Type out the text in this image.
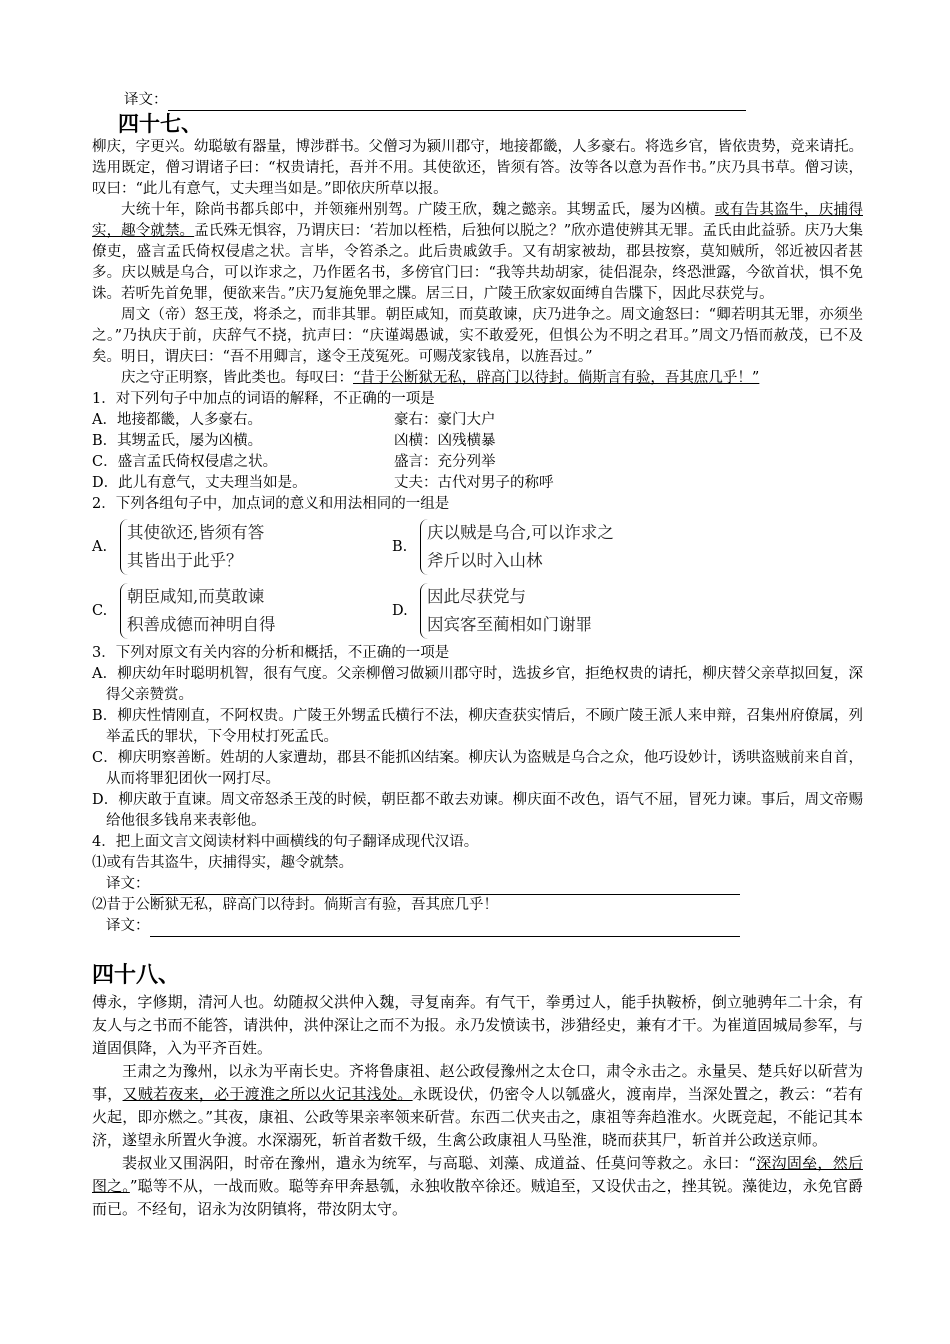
译文：
四十七、
柳庆，字更兴。幼聪敏有器量，博涉群书。父僧习为颍川郡守，地接都畿，人多豪右。将选乡官，皆依贵势，竞来请托。选用既定，僧习谓诸子曰：“权贵请托，吾并不用。其使欲还，皆须有答。汝等各以意为吾作书。”庆乃具书草。僧习读，叹曰：“此儿有意气，丈夫理当如是。”即依庆所草以报。
大统十年，除尚书都兵郎中，并领雍州别驾。广陵王欣，魏之懿亲。其甥孟氏，屡为凶横。或有告其盗牛，庆捕得实，趣令就禁。孟氏殊无惧容，乃谓庆曰：‘若加以桎梏，后独何以脱之？”欣亦遣使辨其无罪。孟氏由此益骄。庆乃大集僚吏，盛言孟氏倚权侵虐之状。言毕，令笞杀之。此后贵戚敛手。又有胡家被劫，郡县按察，莫知贼所，邻近被囚者甚多。庆以贼是乌合，可以诈求之，乃作匿名书，多傍官门曰：“我等共劫胡家，徒侣混杂，终恐泄露，今欲首状，惧不免诛。若听先首免罪，便欲来告。”庆乃复施免罪之牒。居三日，广陵王欣家奴面缚自告牒下，因此尽获党与。
周文（帝）怒王茂，将杀之，而非其罪。朝臣咸知，而莫敢谏，庆乃进争之。周文逾怒曰：“卿若明其无罪，亦须坐之。”乃执庆于前，庆辞气不挠，抗声曰：“庆谨竭愚诚，实不敢爱死，但惧公为不明之君耳。”周文乃悟而赦茂，已不及矣。明日，谓庆曰：“吾不用卿言，遂令王茂冤死。可赐茂家钱帛，以旌吾过。”
庆之守正明察，皆此类也。每叹曰：“昔于公断狱无私，辟高门以待封。倘斯言有验，吾其庶几乎！”
1．对下列句子中加点的词语的解释，不正确的一项是
A．地接都畿，人多豪右。	豪右：豪门大户
B．其甥孟氏，屡为凶横。	凶横：凶残横暴
C．盛言孟氏倚权侵虐之状。	盛言：充分列举
D．此儿有意气，丈夫理当如是。	丈夫：古代对男子的称呼
2．下列各组句子中，加点词的意义和用法相同的一组是
A.
其使欲还,皆须有答
其皆出于此乎？
B.
庆以贼是乌合,可以诈求之
斧斤以时入山林
C.
朝臣咸知,而莫敢谏
积善成德而神明自得
D.
因此尽获党与
因宾客至蔺相如门谢罪
3．下列对原文有关内容的分析和概括，不正确的一项是
A．柳庆幼年时聪明机智，很有气度。父亲柳僧习做颍川郡守时，选拔乡官，拒绝权贵的请托，柳庆替父亲草拟回复，深得父亲赞赏。
B．柳庆性情刚直，不阿权贵。广陵王外甥孟氏横行不法，柳庆查获实情后，不顾广陵王派人来申辩，召集州府僚属，列举孟氏的罪状，下令用杖打死孟氏。
C．柳庆明察善断。姓胡的人家遭劫，郡县不能抓凶结案。柳庆认为盗贼是乌合之众，他巧设妙计，诱哄盗贼前来自首，从而将罪犯团伙一网打尽。
D．柳庆敢于直谏。周文帝怒杀王茂的时候，朝臣都不敢去劝谏。柳庆面不改色，语气不屈，冒死力谏。事后，周文帝赐给他很多钱帛来表彰他。
4．把上面文言文阅读材料中画横线的句子翻译成现代汉语。
⑴或有告其盗牛，庆捕得实，趣令就禁。
译文：
⑵昔于公断狱无私，辟高门以待封。倘斯言有验，吾其庶几乎！
译文：
四十八、
傅永，字修期，清河人也。幼随叔父洪仲入魏，寻复南奔。有气干，拳勇过人，能手执鞍桥，倒立驰骋年二十余，有友人与之书而不能答，请洪仲，洪仲深让之而不为报。永乃发愤读书，涉猎经史，兼有才干。为崔道固城局参军，与道固俱降，入为平齐百姓。
王肃之为豫州，以永为平南长史。齐将鲁康祖、赵公政侵豫州之太仓口，肃令永击之。永量吴、楚兵好以斫营为事，又贼若夜来，必于渡淮之所以火记其浅处。永既设伏，仍密令人以瓠盛火，渡南岸，当深处置之，教云：“若有火起，即亦燃之。”其夜，康祖、公政等果亲率领来斫营。东西二伏夹击之，康祖等奔趋淮水。火既竞起，不能记其本济，遂望永所置火争渡。水深溺死，斩首者数千级，生禽公政康祖人马坠淮，晓而获其尸，斩首并公政送京师。
裴叔业又围涡阳，时帝在豫州，遣永为统军，与高聪、刘藻、成道益、任莫问等救之。永曰：“深沟固垒，然后图之。”聪等不从，一战而败。聪等弃甲奔悬瓠，永独收散卒徐还。贼追至，又设伏击之，挫其锐。藻徙边，永免官爵而已。不经旬，诏永为汝阴镇将，带汝阴太守。
